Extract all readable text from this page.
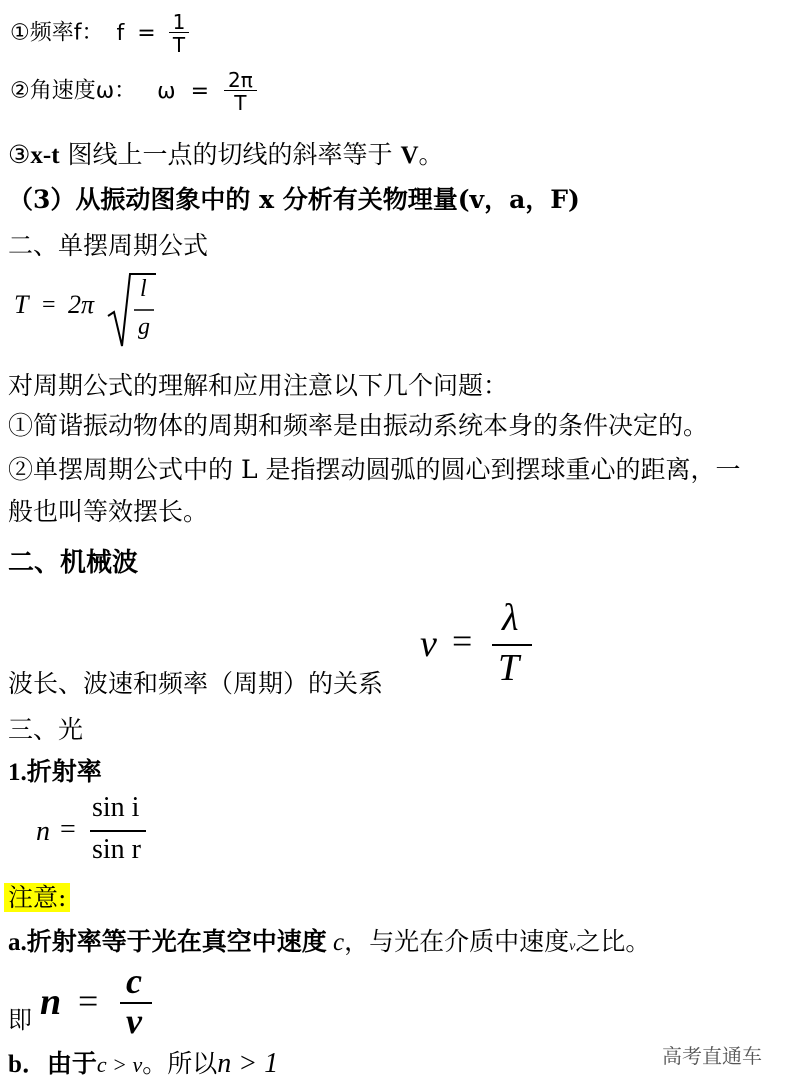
①频率f： $f = \frac{1}{T}$
②角速度ω： $\omega = \frac{2\pi}{T}$
③x-t 图线上一点的切线的斜率等于 V。
（3）从振动图象中的 x 分析有关物理量(v，a，F)
二、单摆周期公式
T = 2π
l
g
对周期公式的理解和应用注意以下几个问题：
①简谐振动物体的周期和频率是由振动系统本身的条件决定的。
②单摆周期公式中的 L 是指摆动圆弧的圆心到摆球重心的距离，一
般也叫等效摆长。
二、机械波
波长、波速和频率（周期）的关系
v =
λ
T
三、光
1.折射率
n =
sin i
sin r
注意:
a.折射率等于光在真空中速度 c，与光在介质中速度v之比。
即 n = c
v
b．由于c > v。所以n > 1	高考直通车
